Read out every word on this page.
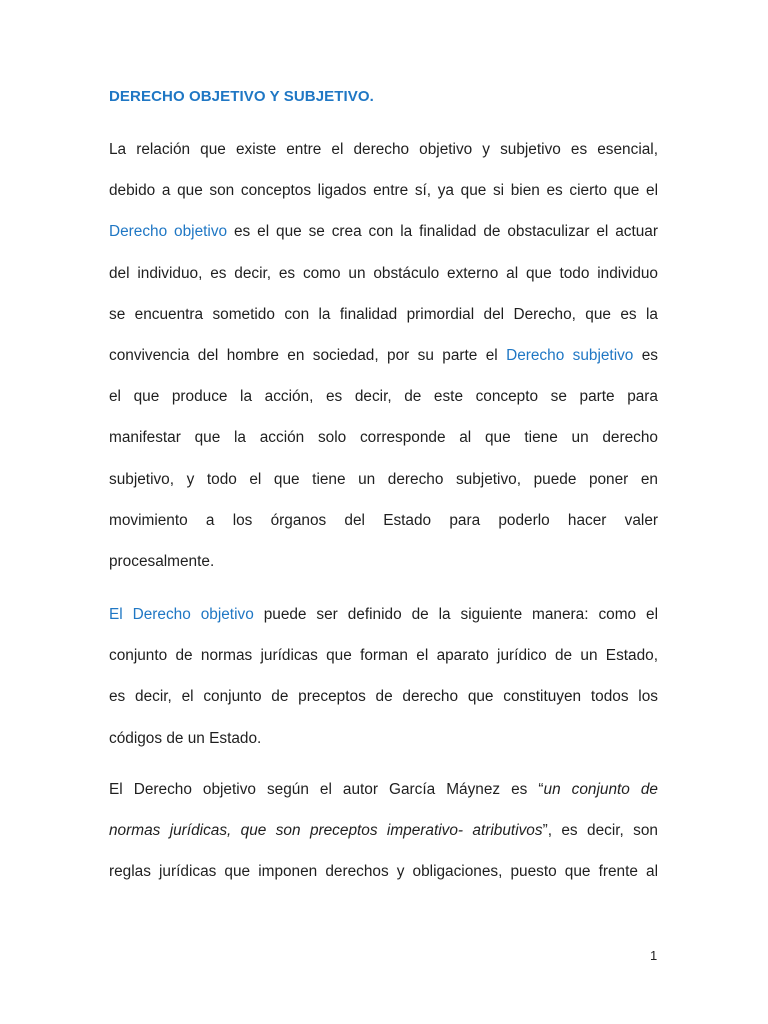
DERECHO OBJETIVO Y SUBJETIVO.
La relación que existe entre el derecho objetivo y subjetivo es esencial,
debido a que son conceptos ligados entre sí, ya que si bien es cierto que el
Derecho objetivo es el que se crea con la finalidad de obstaculizar el actuar
del individuo, es decir, es como un obstáculo externo al que todo individuo
se encuentra sometido con la finalidad primordial del Derecho, que es la
convivencia del hombre en sociedad, por su parte el Derecho subjetivo es
el que produce la acción, es decir, de este concepto se parte para
manifestar que la acción solo corresponde al que tiene un derecho
subjetivo, y todo el que tiene un derecho subjetivo, puede poner en
movimiento a los órganos del Estado para poderlo hacer valer
procesalmente.
El Derecho objetivo puede ser definido de la siguiente manera: como el
conjunto de normas jurídicas que forman el aparato jurídico de un Estado,
es decir, el conjunto de preceptos de derecho que constituyen todos los
códigos de un Estado.
El Derecho objetivo según el autor García Máynez es “un conjunto de
normas jurídicas, que son preceptos imperativo- atributivos”, es decir, son
reglas jurídicas que imponen derechos y obligaciones, puesto que frente al
1
